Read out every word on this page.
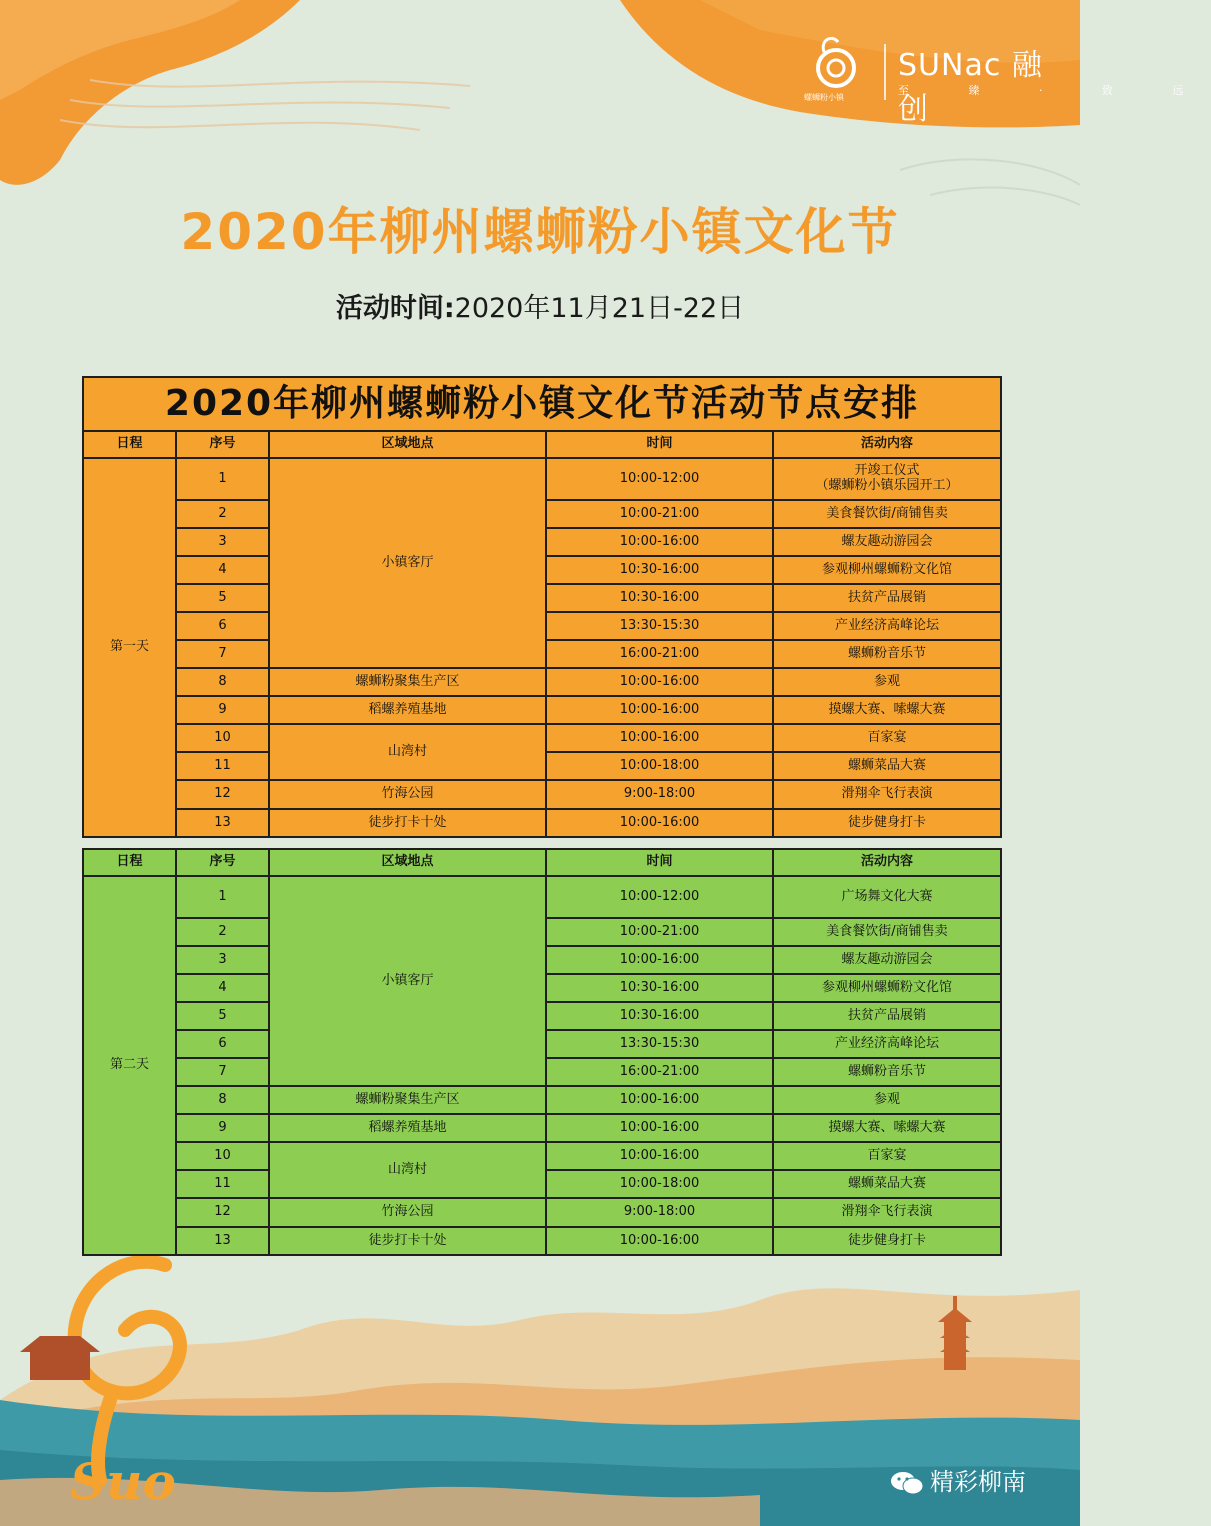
螺蛳粉小镇
SUNac 融创
至 臻 · 致 远
2020年柳州螺蛳粉小镇文化节
活动时间:2020年11月21日-22日
2020年柳州螺蛳粉小镇文化节活动节点安排				
日程	序号	区域地点	时间	活动内容
第一天	1	小镇客厅	10:00-12:00	开竣工仪式
（螺蛳粉小镇乐园开工）

	2		10:00-21:00	美食餐饮街/商铺售卖

	3		10:00-16:00	螺友趣动游园会

	4		10:30-16:00	参观柳州螺蛳粉文化馆

	5		10:30-16:00	扶贫产品展销

	6		13:30-15:30	产业经济高峰论坛

	7		16:00-21:00	螺蛳粉音乐节

	8	螺蛳粉聚集生产区	10:00-16:00	参观

	9	稻螺养殖基地	10:00-16:00	摸螺大赛、嗦螺大赛

	10	山湾村	10:00-16:00	百家宴

	11		10:00-18:00	螺蛳菜品大赛

	12	竹海公园	9:00-18:00	滑翔伞飞行表演

	13	徒步打卡十处	10:00-16:00	徒步健身打卡
日程	序号	区域地点	时间	活动内容
第二天	1	小镇客厅	10:00-12:00	广场舞文化大赛

	2		10:00-21:00	美食餐饮街/商铺售卖

	3		10:00-16:00	螺友趣动游园会

	4		10:30-16:00	参观柳州螺蛳粉文化馆

	5		10:30-16:00	扶贫产品展销

	6		13:30-15:30	产业经济高峰论坛

	7		16:00-21:00	螺蛳粉音乐节

	8	螺蛳粉聚集生产区	10:00-16:00	参观

	9	稻螺养殖基地	10:00-16:00	摸螺大赛、嗦螺大赛

	10	山湾村	10:00-16:00	百家宴

	11		10:00-18:00	螺蛳菜品大赛

	12	竹海公园	9:00-18:00	滑翔伞飞行表演

	13	徒步打卡十处	10:00-16:00	徒步健身打卡
Suo	精彩柳南
